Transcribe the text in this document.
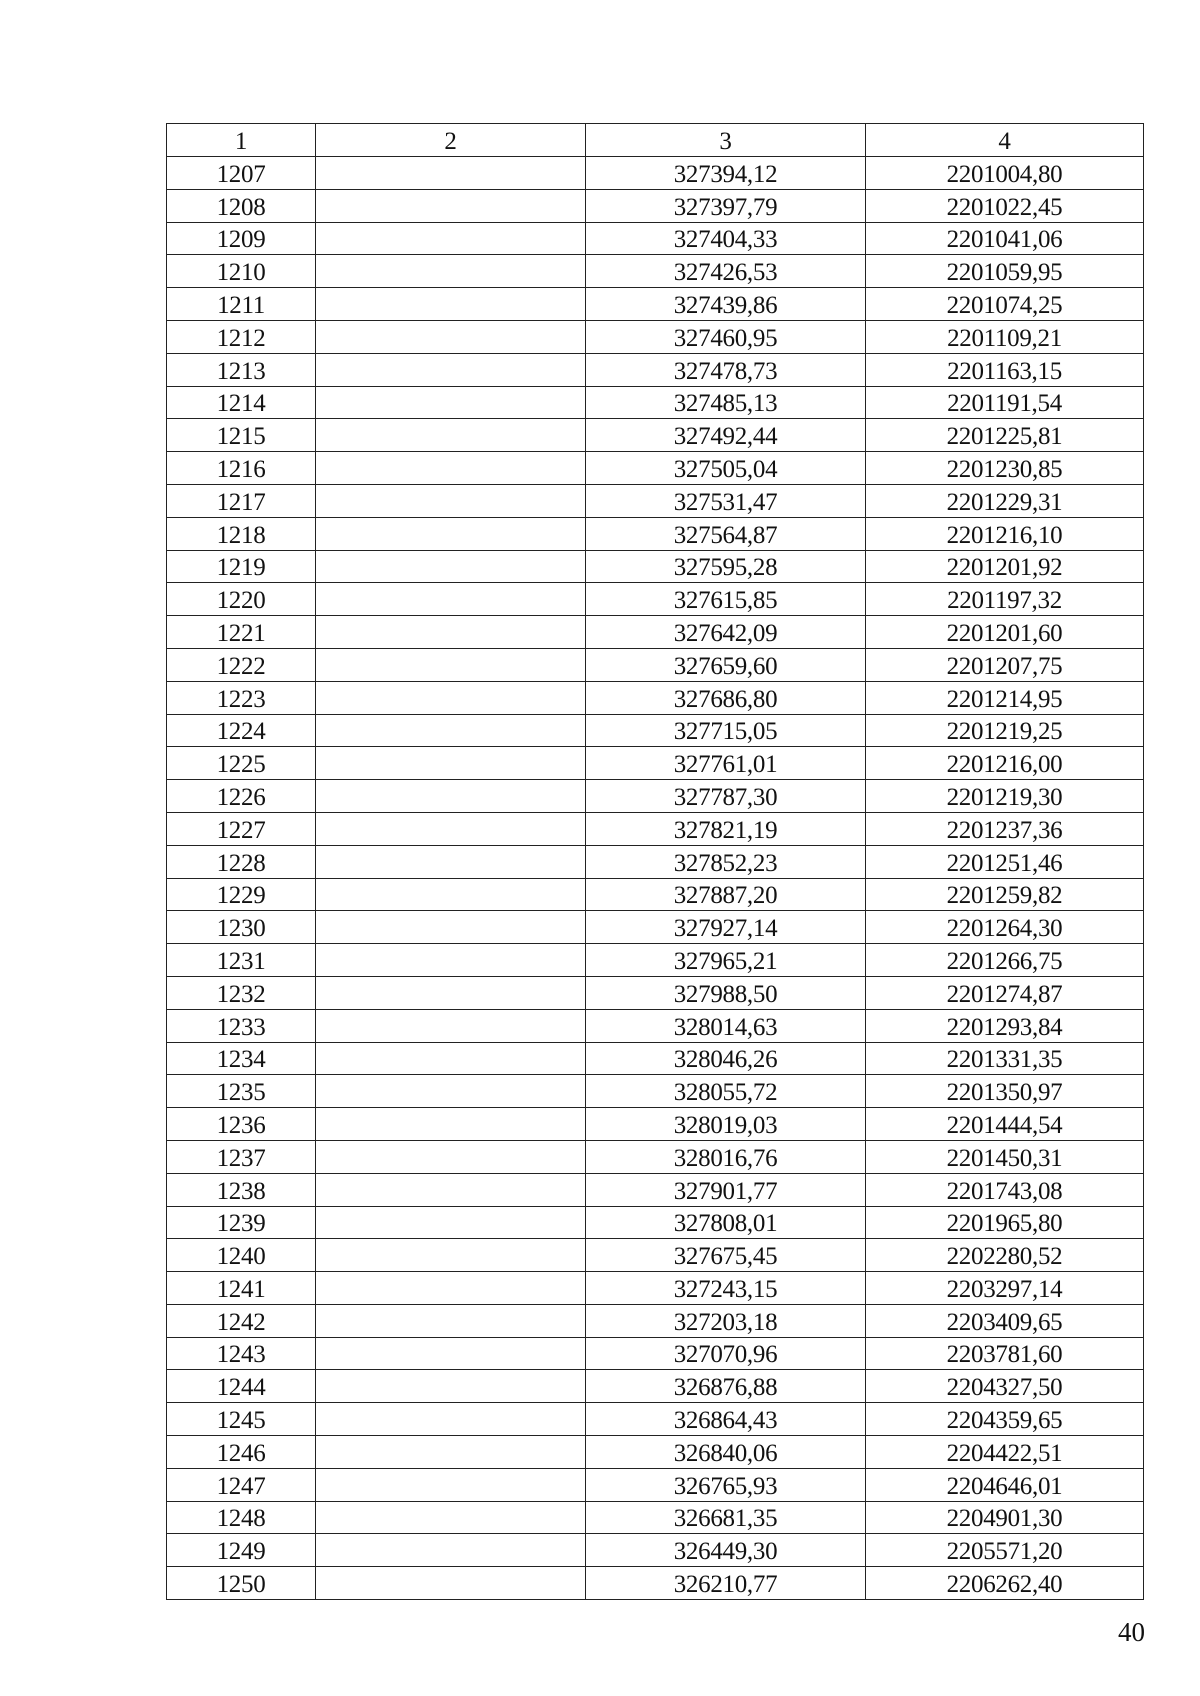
1	2	3	4
1207		327394,12	2201004,80
1208		327397,79	2201022,45
1209		327404,33	2201041,06
1210		327426,53	2201059,95
1211		327439,86	2201074,25
1212		327460,95	2201109,21
1213		327478,73	2201163,15
1214		327485,13	2201191,54
1215		327492,44	2201225,81
1216		327505,04	2201230,85
1217		327531,47	2201229,31
1218		327564,87	2201216,10
1219		327595,28	2201201,92
1220		327615,85	2201197,32
1221		327642,09	2201201,60
1222		327659,60	2201207,75
1223		327686,80	2201214,95
1224		327715,05	2201219,25
1225		327761,01	2201216,00
1226		327787,30	2201219,30
1227		327821,19	2201237,36
1228		327852,23	2201251,46
1229		327887,20	2201259,82
1230		327927,14	2201264,30
1231		327965,21	2201266,75
1232		327988,50	2201274,87
1233		328014,63	2201293,84
1234		328046,26	2201331,35
1235		328055,72	2201350,97
1236		328019,03	2201444,54
1237		328016,76	2201450,31
1238		327901,77	2201743,08
1239		327808,01	2201965,80
1240		327675,45	2202280,52
1241		327243,15	2203297,14
1242		327203,18	2203409,65
1243		327070,96	2203781,60
1244		326876,88	2204327,50
1245		326864,43	2204359,65
1246		326840,06	2204422,51
1247		326765,93	2204646,01
1248		326681,35	2204901,30
1249		326449,30	2205571,20
1250		326210,77	2206262,40
40
